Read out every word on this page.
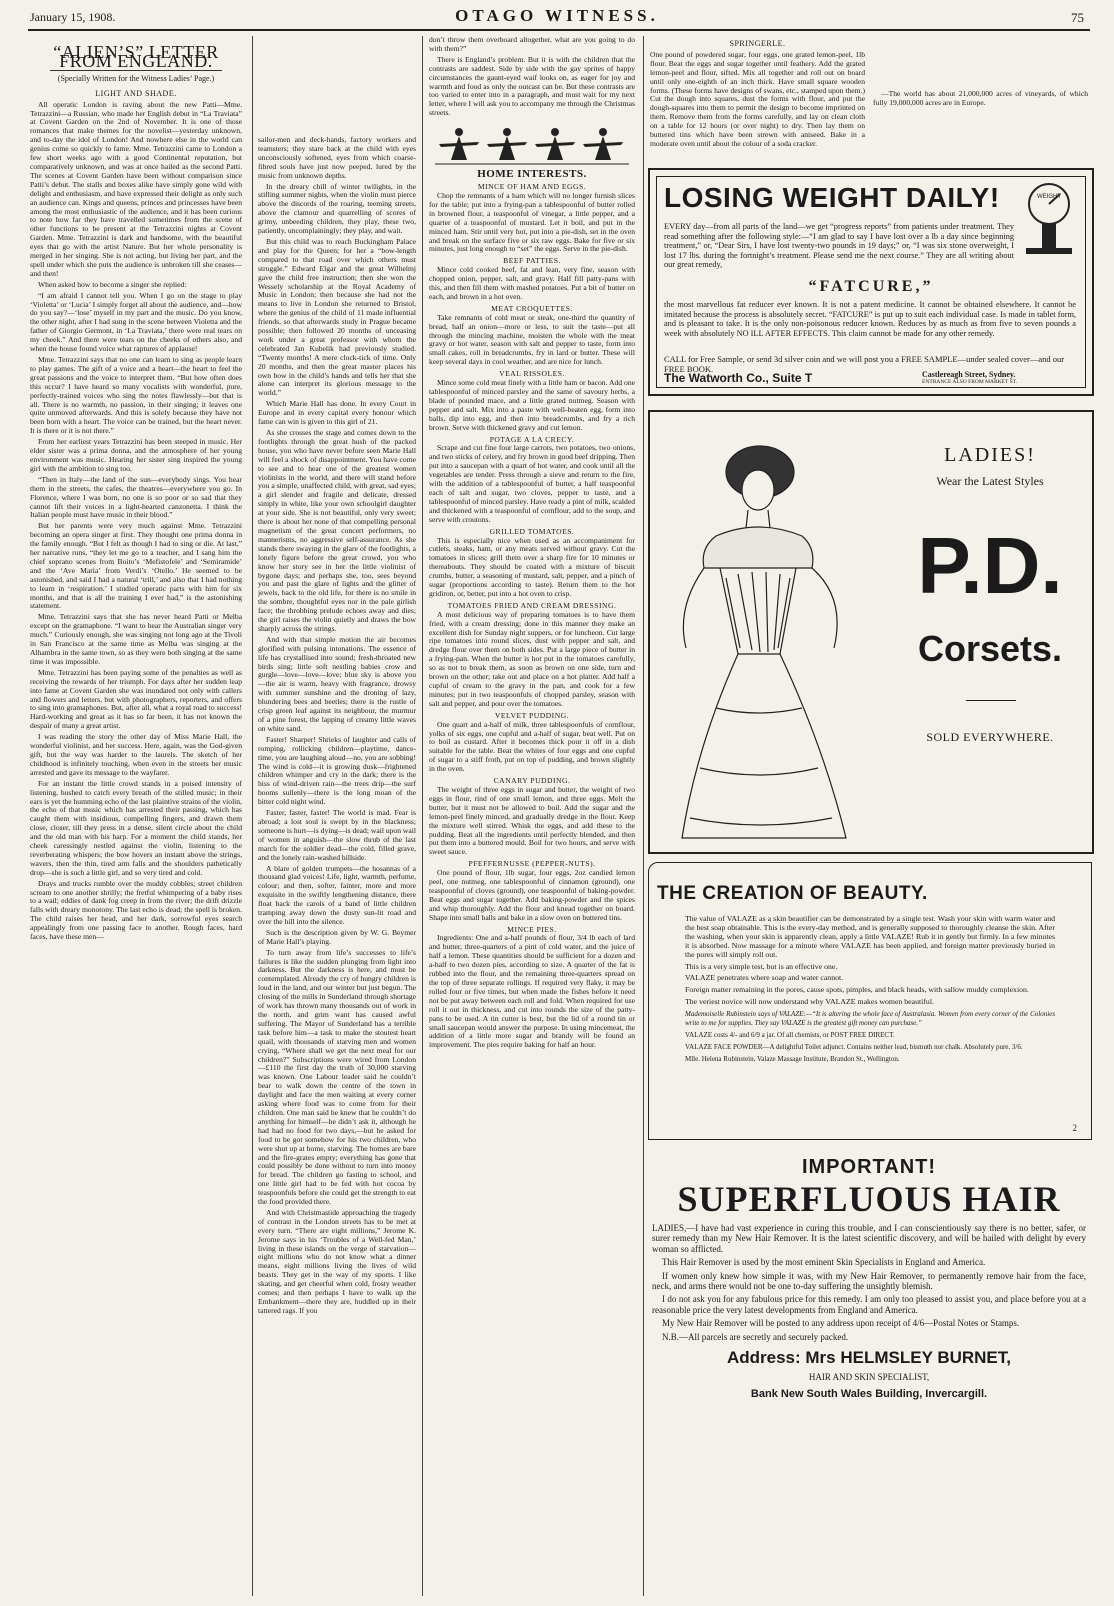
January 15, 1908.	OTAGO WITNESS.	75
“ALIEN’S” LETTER FROM ENGLAND.
(Specially Written for the Witness Ladies’ Page.)
LIGHT AND SHADE.

All operatic London is raving about the new Patti—Mme. Tetrazzini—a Russian, who made her English debut in “La Traviata” at Covent Garden on the 2nd of November. It is one of those romances that make themes for the novelist—yesterday unknown, and to-day the idol of London! And nowhere else in the world can genius come so quickly to fame. Mme. Tetrazzini came to London a few short weeks ago with a good Continental reputation, but comparatively unknown, and was at once hailed as the second Patti. The scenes at Covent Garden have been without comparison since Patti’s debut. The stalls and boxes alike have simply gone wild with delight and enthusiasm, and have expressed their delight as only such an audience can. Kings and queens, princes and princesses have been among the most enthusiastic of the audience, and it has been curious to note how far they have travelled sometimes from the scene of other functions to be present at the Tetrazzini nights at Covent Garden. Mme. Tetrazzini is dark and handsome, with the beautiful eyes that go with the artist Nature. But her whole personality is merged in her singing. She is not acting, but living her part, and the spell under which she puts the audience is unbroken till she ceases—and then!

When asked how to become a singer she replied:

“I am afraid I cannot tell you. When I go on the stage to play ‘Violetta’ or ‘Lucia’ I simply forget all about the audience, and—how do you say?—‘lose’ myself in my part and the music. Do you know, the other night, after I had sung in the scene between Violetta and the father of Giorgio Germont, in ‘La Traviata,’ there were real tears on my cheek.” And there were tears on the cheeks of others also, and when the house found voice what raptures of applause!

Mme. Tetrazzini says that no one can learn to sing as people learn to play games. The gift of a voice and a heart—the heart to feel the great passions and the voice to interpret them. “But how often does this occur? I have heard so many vocalists with wonderful, pure, perfectly-trained voices who sing the notes flawlessly—but that is all. There is no warmth, no passion, in their singing; it leaves one quite unmoved afterwards. And this is solely because they have not been born with a heart. The voice can be trained, but the heart never. It is there or it is not there.”

From her earliest years Tetrazzini has been steeped in music. Her elder sister was a prima donna, and the atmosphere of her young environment was music. Hearing her sister sing inspired the young girl with the ambition to sing too.

“Then in Italy—the land of the sun—everybody sings. You hear them in the streets, the cafes, the theatres—everywhere you go. In Florence, where I was born, no one is so poor or so sad that they cannot lift their voices in a light-hearted canzonetta. I think the Italian people must have music in their blood.”

But her parents were very much against Mme. Tetrazzini becoming an opera singer at first. They thought one prima donna in the family enough. “But I felt as though I had to sing or die. At last,” her narrative runs, “they let me go to a teacher, and I sang him the chief soprano scenes from Boito’s ‘Mefistofele’ and ‘Semiramide’ and the ‘Ave Maria’ from Verdi’s ‘Otello.’ He seemed to be astonished, and said I had a natural ‘trill,’ and also that I had nothing to learn in ‘respiration.’ I studied operatic parts with him for six months, and that is all the training I ever had,” is the astonishing statement.

Mme. Tetrazzini says that she has never heard Patti or Melba except on the gramaphone. “I want to hear the Australian singer very much.” Curiously enough, she was singing not long ago at the Tivoli in San Francisco at the same time as Melba was singing at the Alhambra in the same town, so as they were both singing at the same time it was impossible.

Mme. Tetrazzini has been paying some of the penalties as well as receiving the rewards of her triumph. For days after her sudden leap into fame at Covent Garden she was inundated not only with callers and flowers and letters, but with photographers, reporters, and offers to sing into gramaphones. But, after all, what a royal road to success! Hard-working and great as it has so far been, it has not known the despair of many a great artist.

I was reading the story the other day of Miss Marie Hall, the wonderful violinist, and her success. Here, again, was the God-given gift, but the way was harder to the laurels. The sketch of her childhood is infinitely touching, when even in the streets her music arrested and gave its message to the wayfarer.

For an instant the little crowd stands in a poised intensity of listening, hushed to catch every breath of the stilled music; in their ears is yet the humming echo of the last plaintive strains of the violin, the echo of that music which has arrested their passing, which has caught them with insidious, compelling fingers, and drawn them close, closer, till they press in a dense, silent circle about the child and the old man with his harp. For a moment the child stands, her cheek caressingly nestled against the violin, listening to the reverberating whispers; the bow hovers an instant above the strings, wavers, then the thin, tired arm falls and the shoulders pathetically drop—she is such a little girl, and so very tired and cold.

Drays and trucks rumble over the muddy cobbles; street children scream to one another shrilly; the fretful whimpering of a baby rises to a wail; eddies of dank fog creep in from the river; the drift drizzle falls with dreary monotony. The last echo is dead; the spell is broken. The child raises her head, and her dark, sorrowful eyes search appealingly from one passing face to another. Rough faces, hard faces, have these men—

sailor-men and deck-hands, factory workers and teamsters; they stare back at the child with eyes unconsciously softened, eyes from which coarse-fibred souls have just now peeped, lured by the music from unknown depths.

In the dreary chill of winter twilights, in the stifling summer nights, when the violin must pierce above the discords of the roaring, teeming streets, above the clamour and quarrelling of scores of grimy, unbeeding children, they play, these two, patiently, uncomplainingly; they play, and wait.

But this child was to reach Buckingham Palace and play for the Queen; for her a “bow-length compared to that road over which others must struggle.” Edward Elgar and the great Wilhelmj gave the child free instruction; then she won the Wessely scholarship at the Royal Academy of Music in London; then because she had not the means to live in London she returned to Bristol, where the genius of the child of 11 made influential friends, so that afterwards study in Prague became possible; then followed 20 months of unceasing work under a great professor with whom the celebrated Jan Kubelik had previously studied. “Twenty months! A mere clock-tick of time. Only 20 months, and then the great master places his own bow in the child’s hands and tells her that she alone can interpret its glorious message to the world.”

Which Marie Hall has done. In every Court in Europe and in every capital every honour which fame can win is given to this girl of 21.

As she crosses the stage and comes down to the footlights through the great hush of the packed house, you who have never before seen Marie Hall will feel a shock of disappointment. You have come to see and to hear one of the greatest women violinists in the world, and there will stand before you a simple, unaffected child, with great, sad eyes; a girl slender and fragile and delicate, dressed simply in white, like your own schoolgirl daughter at your side. She is not beautiful, only very sweet; there is about her none of that compelling personal magnetism of the great concert performers, no mannerisms, no aggressive self-assurance. As she stands there swaying in the glare of the footlights, a lonely figure before the great crowd, you who know her story see in her the little violinist of bygone days; and perhaps she, too, sees beyond you and past the glare of lights and the glitter of jewels, back to the old life, for there is no smile in the sombre, thoughtful eyes nor in the pale girlish face; the throbbing prelude echoes away and dies; the girl raises the violin quietly and draws the bow sharply across the strings.

And with that simple motion the air becomes glorified with pulsing intonations. The essence of life has crystallised into sound; fresh-throated new birds sing; little soft nestling babies crow and gurgle—love—love—love; blue sky is above you—the air is warm, heavy with fragrance, drowsy with summer sunshine and the droning of lazy, blundering bees and beetles; there is the rustle of crisp green leaf against its neighbour, the murmur of a pine forest, the lapping of creamy little waves on white sand.

Faster! Sharper! Shrieks of laughter and calls of romping, rollicking children—playtime, dance-time, you are laughing aloud—no, you are sobbing! The wind is cold—it is growing dusk—frightened children whimper and cry in the dark; there is the hiss of wind-driven rain—the trees drip—the surf booms sullenly—there is the long moan of the bitter cold night wind.

Faster, faster, faster! The world is mad. Fear is abroad; a lost soul is swept by in the blackness; someone is hurt—is dying—is dead; wail upon wail of women in anguish—the slow thrub of the last march for the soldier dead—the cold, filled grave, and the lonely rain-washed hillside.

A blare of golden trumpets—the hosannas of a thousand glad voices! Life, light, warmth, perfume, colour; and then, softer, fainter, more and more exquisite in the swiftly lengthening distance, there float back the carols of a band of little children tramping away down the dusty sun-lit road and over the hill into the silence.

Such is the description given by W. G. Beymer of Marie Hall’s playing.

To turn away from life’s successes to life’s failures is like the sudden plunging from light into darkness. But the darkness is here, and must be contemplated. Already the cry of hungry children is loud in the land, and our winter but just begun. The closing of the mills in Sunderland through shortage of work has thrown many thousands out of work in the north, and grim want has caused awful suffering. The Mayor of Sunderland has a terrible task before him—a task to make the stoutest heart quail, with thousands of starving men and women crying, “Where shall we get the next meal for our children?” Subscriptions were wired from London—£110 the first day the truth of 30,000 starving was known. One Labour leader said he couldn’t bear to walk down the centre of the town in daylight and face the men waiting at every corner asking where food was to come from for their children. One man said he knew that he couldn’t do anything for himself—he didn’t ask it, although he had had no food for two days,—but he asked for food to be got somehow for his two children, who were shut up at home, starving. The homes are bare and the fire-grates empty; everything has gone that could possibly be done without to turn into money for bread. The children go fasting to school, and one little girl had to be fed with hot cocoa by teaspoonfuls before she could get the strength to eat the food provided there.

And with Christmastide approaching the tragedy of contrast in the London streets has to be met at every turn. “There are eight millions,” Jerome K. Jerome says in his ‘Troubles of a Well-fed Man,’ living in these islands on the verge of starvation—eight millions who do not know what a dinner means, eight millions living the lives of wild beasts. They get in the way of my sports. I like skating, and get cheerful when cold, frosty weather comes; and then perhaps I have to walk up the Embankment—there they are, huddled up in their tattered rags. If you

don’t throw them overboard altogether, what are you going to do with them?”

There is England’s problem. But it is with the children that the contrasts are saddest. Side by side with the gay sprites of happy circumstances the gaunt-eyed waif looks on, as eager for joy and warmth and food as only the outcast can be. But these contrasts are too varied to enter into in a paragraph, and must wait for my next letter, where I will ask you to accompany me through the Christmas streets.

HOME INTERESTS.
MINCE OF HAM AND EGGS.

Chop the remnants of a ham which will no longer furnish slices for the table; put into a frying-pan a tablespoonful of butter rolled in browned flour, a teaspoonful of vinegar, a little pepper, and a quarter of a teaspoonful of mustard. Let it boil, and put in the minced ham. Stir until very hot, put into a pie-dish, set in the oven and break on the surface five or six raw eggs. Bake for five or six minutes, just long enough to “set” the eggs. Serve in the pie-dish.

BEEF PATTIES.

Mince cold cooked beef, fat and lean, very fine, season with chopped onion, pepper, salt, and gravy. Half fill patty-pans with this, and then fill them with mashed potatoes. Put a bit of butter on each, and brown in a hot oven.

MEAT CROQUETTES.

Take remnants of cold meat or steak, one-third the quantity of bread, half an onion—more or less, to suit the taste—put all through the mincing machine, moisten the whole with the meat gravy or hot water, season with salt and pepper to taste, form into small cakes, roll in breadcrumbs, fry in lard or butter. These will keep several days in cool weather, and are nice for lunch.

VEAL RISSOLES.

Mince some cold meat finely with a little ham or bacon. Add one tablespoonful of minced parsley and the same of savoury herbs, a blade of pounded mace, and a little grated nutmeg. Season with pepper and salt. Mix into a paste with well-beaten egg, form into balls, dip into egg, and then into breadcrumbs, and fry a rich brown. Serve with thickened gravy and cut lemon.

POTAGE A LA CRECY.

Scrape and cut fine four large carrots, two potatoes, two onions, and two sticks of celery, and fry brown in good beef dripping. Then put into a saucepan with a quart of hot water, and cook until all the vegetables are tender. Press through a sieve and return to the fire, with the addition of a tablespoonful of butter, a half teaspoonful each of salt and sugar, two cloves, pepper to taste, and a tablespoonful of minced parsley. Have ready a pint of milk, scalded and thickened with a teaspoonful of cornflour, add to the soup, and serve with croutons.

GRILLED TOMATOES.

This is especially nice when used as an accompaniment for cutlets, steaks, ham, or any meats served without gravy. Cut the tomatoes in slices; grill them over a sharp fire for 10 minutes or thereabouts. They should be coated with a mixture of biscuit crumbs, butter, a seasoning of mustard, salt, pepper, and a pinch of sugar (proportions according to taste). Return them to the hot gridiron, or, better, put into a hot oven to crisp.

TOMATOES FRIED AND CREAM DRESSING.

A most delicious way of preparing tomatoes is to have them fried, with a cream dressing; done in this manner they make an excellent dish for Sunday night suppers, or for luncheon. Cut large ripe tomatoes into round slices, dust with pepper and salt, and dredge flour over them on both sides. Put a large piece of butter in a frying-pan. When the butter is hot put in the tomatoes carefully, so as not to break them, as soon as brown on one side, turn and brown on the other; take out and place on a hot platter. Add half a cupful of cream to the gravy in the pan, and cook for a few minutes; put in two teaspoonfuls of chopped parsley, season with salt and pepper, and pour over the tomatoes.

VELVET PUDDING.

One quart and a-half of milk, three tablespoonfuls of cornflour, yolks of six eggs, one cupful and a-half of sugar, beat well. Put on to boil as custard. After it becomes thick pour it off in a dish suitable for the table. Beat the whites of four eggs and one cupful of sugar to a stiff froth, put on top of pudding, and brown slightly in the oven.

CANARY PUDDING.

The weight of three eggs in sugar and butter, the weight of two eggs in flour, rind of one small lemon, and three eggs. Melt the butter, but it must not be allowed to boil. Add the sugar and the lemon-peel finely minced, and gradually dredge in the flour. Keep the mixture well stirred. Whisk the eggs, and add these to the pudding. Beat all the ingredients until perfectly blended, and then put them into a buttered mould. Boil for two hours, and serve with sweet sauce.

PFEFFERNUSSE (PEPPER-NUTS).

One pound of flour, 1lb sugar, four eggs, 2oz candied lemon peel, one nutmeg, one tablespoonful of cinnamon (ground), one teaspoonful of cloves (ground), one teaspoonful of baking-powder. Beat eggs and sugar together. Add baking-powder and the spices and whip thoroughly. Add the flour and knead together on board. Shape into small balls and bake in a slow oven on buttered tins.

MINCE PIES.

Ingredients: One and a-half pounds of flour, 3/4 lb each of lard and butter, three-quarters of a pint of cold water, and the juice of half a lemon. These quantities should be sufficient for a dozen and a-half to two dozen pies, according to size. A quarter of the fat is rubbed into the flour, and the remaining three-quarters spread on the top of three separate rollings. If required very flaky, it may be rolled four or five times, but when made the fishes before it need not be put away between each roll and fold. When required for use roll it out in thickness, and cut into rounds the size of the patty-pans to be used. A tin cutter is best, but the lid of a round tin or small saucepan would answer the purpose. In using mincemeat, the addition of a little more sugar and brandy will be found an improvement. The pies require baking for half an hour.

SPRINGERLE.

One pound of powdered sugar, four eggs, one grated lemon-peel, 1lb flour. Beat the eggs and sugar together until feathery. Add the grated lemon-peel and flour, sifted. Mix all together and roll out on board until only one-eighth of an inch thick. Have small square wooden forms. (These forms have designs of swans, etc., stamped upon them.) Cut the dough into squares, dust the forms with flour, and put the dough-squares into them to permit the design to become imprinted on them. Remove them from the forms carefully, and lay on clean cloth on a table for 12 hours (or over night) to dry. Then lay them on buttered tins which have been strewn with aniseed. Bake in a moderate oven until about the colour of a soda cracker.

—The world has about 21,000,000 acres of vineyards, of which fully 19,000,000 acres are in Europe.

LOSING WEIGHT DAILY!	WEIGHT
EVERY day—from all parts of the land—we get “progress reports” from patients under treatment. They read something after the following style:—“I am glad to say I have lost over a lb a day since beginning treatment,” or, “Dear Sirs, I have lost twenty-two pounds in 19 days;” or, “I was six stone overweight, I lost 17 lbs. during the fortnight’s treatment. Please send me the next course.” They are all writing about our great remedy,
“FATCURE,”
the most marvellous fat reducer ever known. It is not a patent medicine. It cannot be obtained elsewhere. It cannot be imitated because the process is absolutely secret. “FATCURE” is put up to suit each individual case. Is made in tablet form, and is pleasant to take. It is the only non-poisonous reducer known. Reduces by as much as from five to seven pounds a week with absolutely NO ILL AFTER EFFECTS. This claim cannot be made for any other remedy.
CALL for Free Sample, or send 3d silver coin and we will post you a FREE SAMPLE—under sealed cover—and our FREE BOOK.
The Watworth Co., Suite T	Castlereagh Street, Sydney.
ENTRANCE ALSO FROM MARKET ST.
LADIES!
Wear the Latest Styles
P.D.
Corsets.
SOLD EVERYWHERE.
THE CREATION OF BEAUTY.

The value of VALAZE as a skin beautifier can be demonstrated by a single test. Wash your skin with warm water and the best soap obtainable. This is the every-day method, and is generally supposed to thoroughly cleanse the skin. After the washing, when your skin is apparently clean, apply a little VALAZE! Rub it in gently but firmly. In a few minutes it is absorbed. Now massage for a minute where VALAZE has been applied, and foreign matter previously buried in the pores will simply roll out.

This is a very simple test, but is an effective one.

VALAZE penetrates where soap and water cannot.

Foreign matter remaining in the pores, cause spots, pimples, and black heads, with sallow muddy complexion.

The veriest novice will now understand why VALAZE makes women beautiful.

Mademoiselle Rubinstein says of VALAZE:—“It is altering the whole face of Australasia. Women from every corner of the Colonies write to me for supplies. They say VALAZE is the greatest gift money can purchase.”

VALAZE costs 4/- and 6/9 a jar. Of all chemists, or POST FREE DIRECT.

VALAZE FACE POWDER—A delightful Toilet adjunct. Contains neither lead, bismuth nor chalk. Absolutely pure. 3/6.

Mlle. Helena Rubinstein, Valaze Massage Institute, Brandon St., Wellington.

2
IMPORTANT!
SUPERFLUOUS HAIR

LADIES,—I have had vast experience in curing this trouble, and I can conscientiously say there is no better, safer, or surer remedy than my New Hair Remover. It is the latest scientific discovery, and will be hailed with delight by every woman so afflicted.

This Hair Remover is used by the most eminent Skin Specialists in England and America.

If women only knew how simple it was, with my New Hair Remover, to permanently remove hair from the face, neck, and arms there would not be one to-day suffering the unsightly blemish.

I do not ask you for any fabulous price for this remedy. I am only too pleased to assist you, and place before you at a reasonable price the very latest developments from England and America.

My New Hair Remover will be posted to any address upon receipt of 4/6—Postal Notes or Stamps.

N.B.—All parcels are secretly and securely packed.

Address: Mrs HELMSLEY BURNET,
HAIR AND SKIN SPECIALIST,
Bank New South Wales Building, Invercargill.
